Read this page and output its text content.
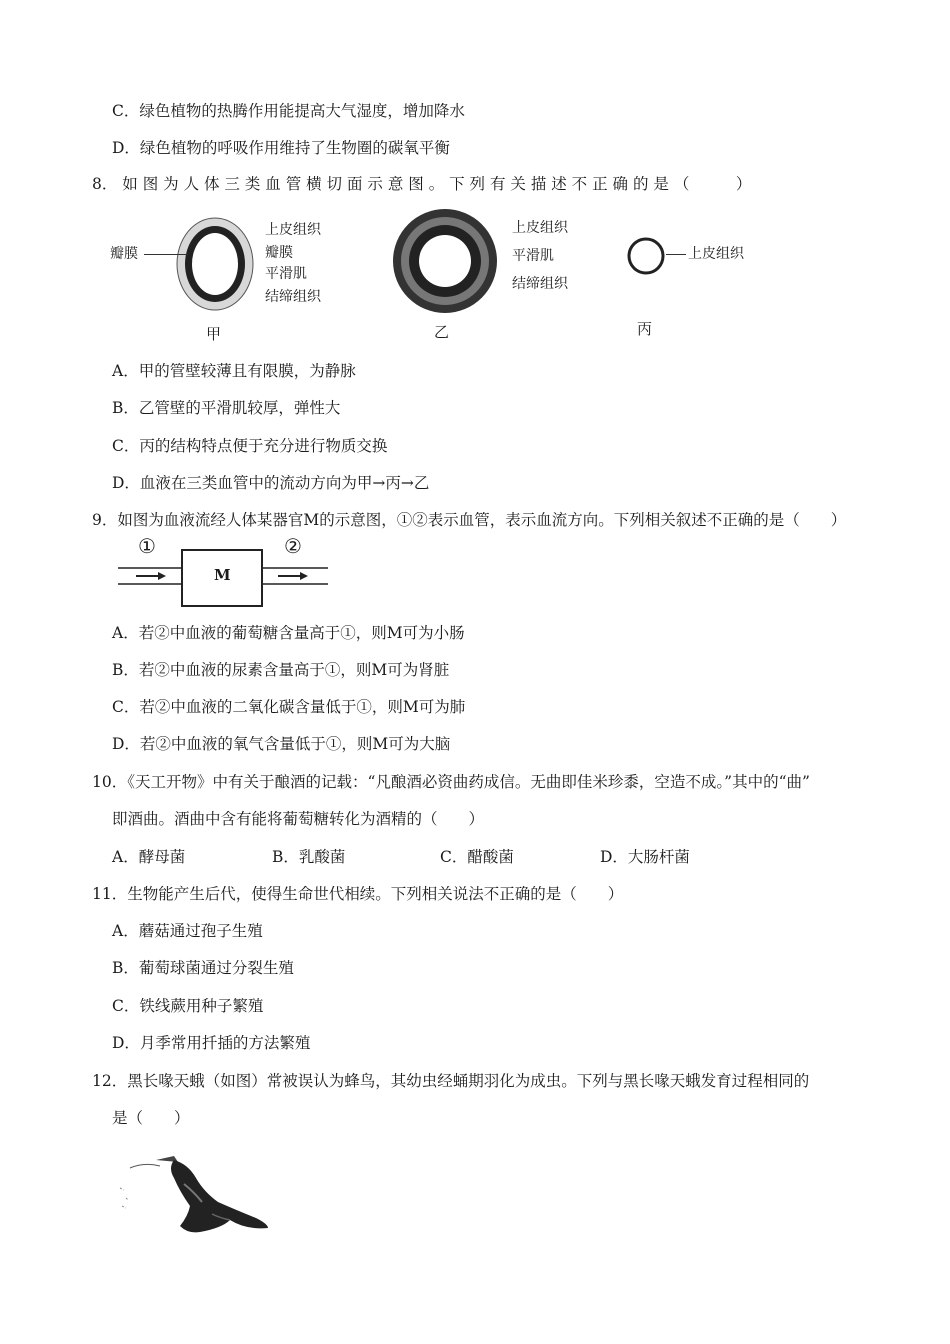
C．绿色植物的热腾作用能提高大气湿度，增加降水
D．绿色植物的呼吸作用维持了生物圈的碳氧平衡
8． 如 图 为 人 体 三 类 血 管 横 切 面 示 意 图 。 下 列 有 关 描 述 不 正 确 的 是 （　　　）
瓣膜
上皮组织
瓣膜
平滑肌
结缔组织
甲
上皮组织
平滑肌
结缔组织
乙
上皮组织
丙
A．甲的管壁较薄且有限膜，为静脉
B．乙管壁的平滑肌较厚，弹性大
C．丙的结构特点便于充分进行物质交换
D．血液在三类血管中的流动方向为甲→丙→乙
9．如图为血液流经人体某器官M的示意图，①②表示血管，表示血流方向。下列相关叙述不正确的是（　　）
M
①	②
A．若②中血液的葡萄糖含量高于①，则M可为小肠
B．若②中血液的尿素含量高于①，则M可为肾脏
C．若②中血液的二氧化碳含量低于①，则M可为肺
D．若②中血液的氧气含量低于①，则M可为大脑
10．《天工开物》中有关于酿酒的记载：“凡酿酒必资曲药成信。无曲即佳米珍黍，空造不成。”其中的“曲”
即酒曲。酒曲中含有能将葡萄糖转化为酒精的（　　）
A．酵母菌	B．乳酸菌	C．醋酸菌	D．大肠杆菌
11．生物能产生后代，使得生命世代相续。下列相关说法不正确的是（　　）
A．蘑菇通过孢子生殖
B．葡萄球菌通过分裂生殖
C．铁线蕨用种子繁殖
D．月季常用扦插的方法繁殖
12．黑长喙天蛾（如图）常被误认为蜂鸟，其幼虫经蛹期羽化为成虫。下列与黑长喙天蛾发育过程相同的
是（　　）
